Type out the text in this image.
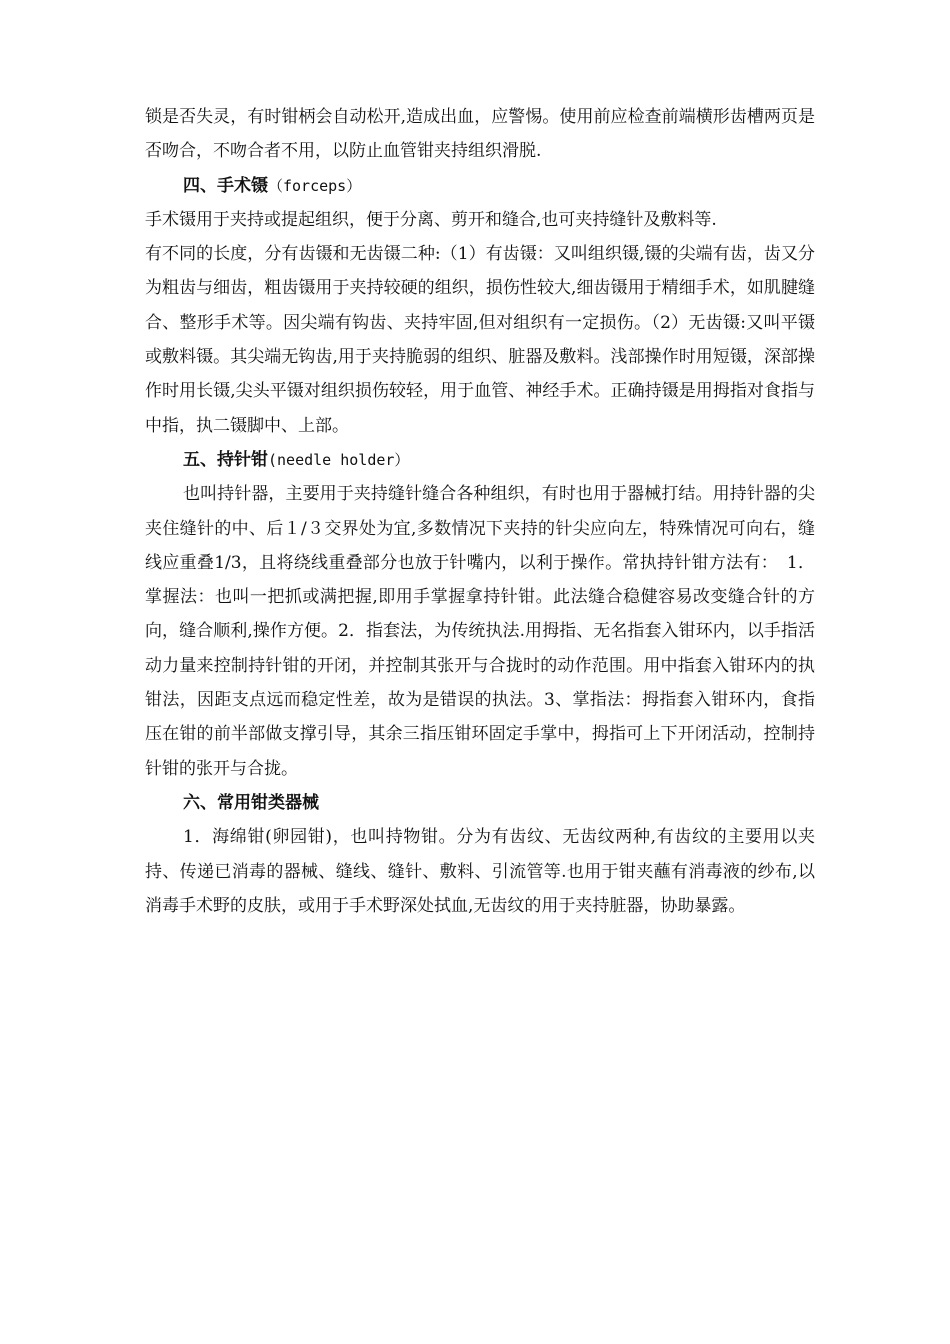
锁是否失灵，有时钳柄会自动松开,造成出血，应警惕。使用前应检查前端横形齿槽两页是否吻合，不吻合者不用，以防止血管钳夹持组织滑脱.

四、手术镊（forceps）

手术镊用于夹持或提起组织，便于分离、剪开和缝合,也可夹持缝针及敷料等.

有不同的长度，分有齿镊和无齿镊二种:（1）有齿镊：又叫组织镊,镊的尖端有齿，齿又分为粗齿与细齿，粗齿镊用于夹持较硬的组织，损伤性较大,细齿镊用于精细手术，如肌腱缝合、整形手术等。因尖端有钩齿、夹持牢固,但对组织有一定损伤。（2）无齿镊:又叫平镊或敷料镊。其尖端无钩齿,用于夹持脆弱的组织、脏器及敷料。浅部操作时用短镊，深部操作时用长镊,尖头平镊对组织损伤较轻，用于血管、神经手术。正确持镊是用拇指对食指与中指，执二镊脚中、上部。

五、持针钳(needle holder）

也叫持针器，主要用于夹持缝针缝合各种组织，有时也用于器械打结。用持针器的尖夹住缝针的中、后１/３交界处为宜,多数情况下夹持的针尖应向左，特殊情况可向右，缝线应重叠1/3，且将绕线重叠部分也放于针嘴内，以利于操作。常执持针钳方法有：　1．掌握法：也叫一把抓或满把握,即用手掌握拿持针钳。此法缝合稳健容易改变缝合针的方向，缝合顺利,操作方便。2．指套法，为传统执法.用拇指、无名指套入钳环内，以手指活动力量来控制持针钳的开闭，并控制其张开与合拢时的动作范围。用中指套入钳环内的执钳法，因距支点远而稳定性差，故为是错误的执法。3、掌指法：拇指套入钳环内，食指压在钳的前半部做支撑引导，其余三指压钳环固定手掌中，拇指可上下开闭活动，控制持针钳的张开与合拢。

六、常用钳类器械

1．海绵钳(卵园钳)，也叫持物钳。分为有齿纹、无齿纹两种,有齿纹的主要用以夹持、传递已消毒的器械、缝线、缝针、敷料、引流管等.也用于钳夹蘸有消毒液的纱布,以消毒手术野的皮肤，或用于手术野深处拭血,无齿纹的用于夹持脏器，协助暴露。
